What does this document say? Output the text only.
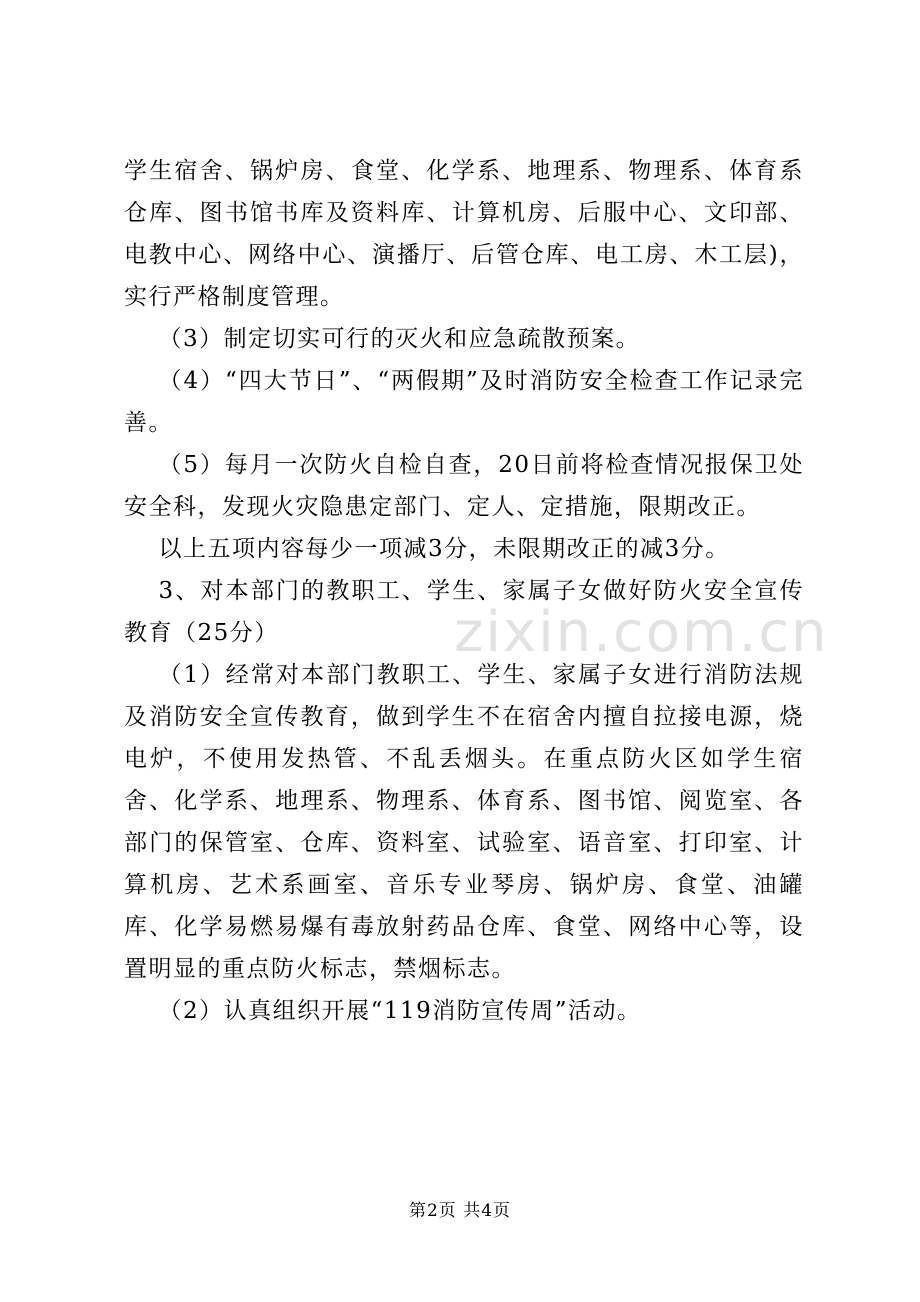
学生宿舍、锅炉房、食堂、化学系、地理系、物理系、体育系仓库、图书馆书库及资料库、计算机房、后服中心、文印部、电教中心、网络中心、演播厅、后管仓库、电工房、木工层)，实行严格制度管理。

（3）制定切实可行的灭火和应急疏散预案。

（4）“四大节日”、“两假期”及时消防安全检查工作记录完善。

（5）每月一次防火自检自查，20日前将检查情况报保卫处安全科，发现火灾隐患定部门、定人、定措施，限期改正。

以上五项内容每少一项减3分，未限期改正的减3分。

3、对本部门的教职工、学生、家属子女做好防火安全宣传教育（25分）

（1）经常对本部门教职工、学生、家属子女进行消防法规及消防安全宣传教育，做到学生不在宿舍内擅自拉接电源，烧电炉，不使用发热管、不乱丢烟头。在重点防火区如学生宿舍、化学系、地理系、物理系、体育系、图书馆、阅览室、各部门的保管室、仓库、资料室、试验室、语音室、打印室、计算机房、艺术系画室、音乐专业琴房、锅炉房、食堂、油罐库、化学易燃易爆有毒放射药品仓库、食堂、网络中心等，设置明显的重点防火标志，禁烟标志。

（2）认真组织开展“119消防宣传周”活动。

zixin.com.cn
第2页 共4页
